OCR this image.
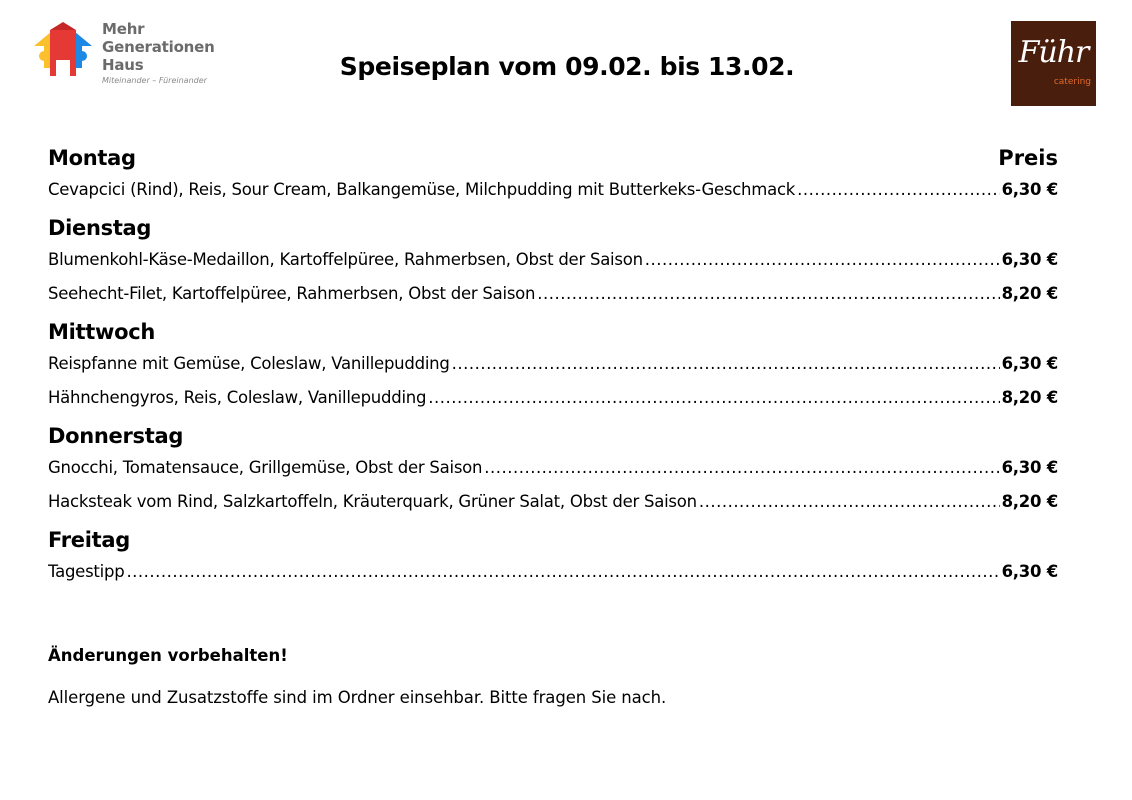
Mehr
Generationen
Haus
Miteinander – Füreinander	Speiseplan vom 09.02. bis 13.02.	Führ
catering
Montag	Preis
Cevapcici (Rind), Reis, Sour Cream, Balkangemüse, Milchpudding mit Butterkeks-Geschmack .....	6,30 €
Dienstag
Blumenkohl-Käse-Medaillon, Kartoffelpüree, Rahmerbsen, Obst der Saison .....	6,30 €
Seehecht-Filet, Kartoffelpüree, Rahmerbsen, Obst der Saison .....	8,20 €
Mittwoch
Reispfanne mit Gemüse, Coleslaw, Vanillepudding .....	6,30 €
Hähnchengyros, Reis, Coleslaw, Vanillepudding .....	8,20 €
Donnerstag
Gnocchi, Tomatensauce, Grillgemüse, Obst der Saison .....	6,30 €
Hacksteak vom Rind, Salzkartoffeln, Kräuterquark, Grüner Salat, Obst der Saison .....	8,20 €
Freitag
Tagestipp .....	6,30 €
Änderungen vorbehalten!
Allergene und Zusatzstoffe sind im Ordner einsehbar. Bitte fragen Sie nach.
